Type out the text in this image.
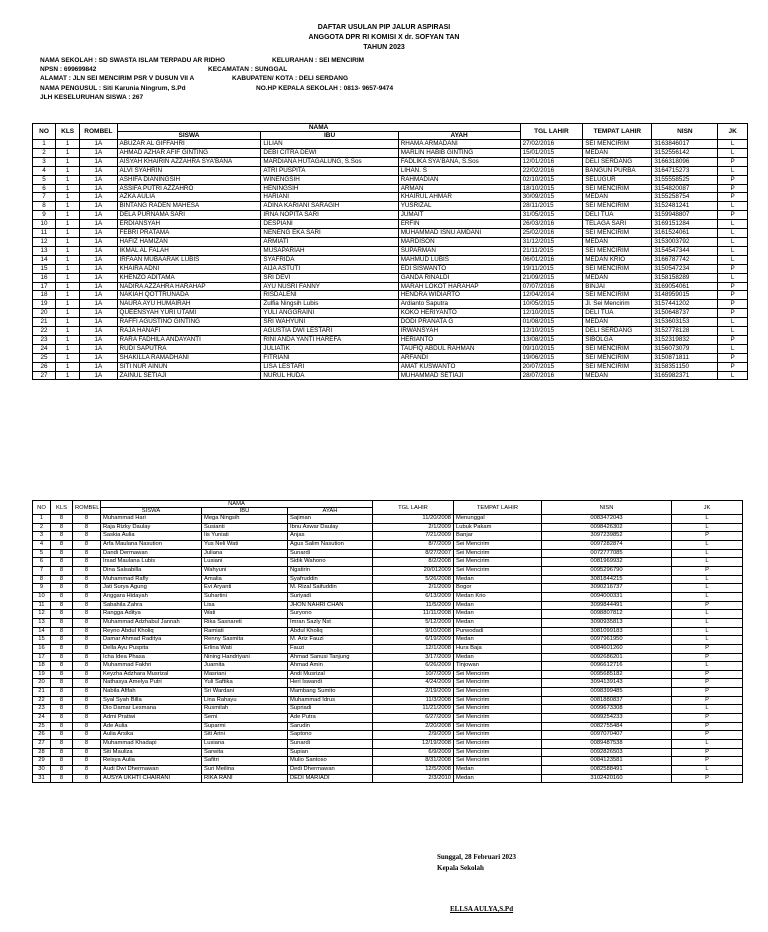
DAFTAR USULAN PIP JALUR ASPIRASI
ANGGOTA DPR RI KOMISI X dr. SOFYAN TAN
TAHUN 2023
NAMA SEKOLAH : SD SWASTA ISLAM TERPADU AR RIDHO	KELURAHAN : SEI MENCIRIM
NPSN : 699699842	KECAMATAN : SUNGGAL
ALAMAT : JLN SEI MENCIRIM PSR V DUSUN VII A	KABUPATEN/ KOTA : DELI SERDANG
NAMA PENGUSUL : Siti Karunia Ningrum, S.Pd	NO.HP KEPALA SEKOLAH : 0813- 9657-9474
JLH KESELURUHAN SISWA : 267
NO	KLS	ROMBEL	NAMA			TGL LAHIR	TEMPAT LAHIR	NISN	JK
			SISWA	IBU	AYAH				
1	1	1A	ABUZAR AL GIFFAHRI	LILIAN	RHAMA ARMADANI	27/02/2016	SEI MENCIRIM	3163846017	L
2	1	1A	AHMAD AZHAR AFIF GINTING	DEBI CITRA DEWI	MARLIN HABIB GINTING	15/01/2015	MEDAN	3152556142	L
3	1	1A	AISYAH KHAIRIN AZZAHRA SYA'BANA	MARDIANA HUTAGALUNG, S.Sos	FADLIKA SYA'BANA, S.Sos	12/01/2016	DELI SERDANG	3166318096	P
4	1	1A	ALVI SYAHRIN	ATRI PUSPITA	LIHAN. S	22/02/2016	BANGUN PURBA	3164715273	L
5	1	1A	ASHIFA DIANINGSIH	WINENGSIH	RAHMADIAN	02/10/2015	SELUGUR	3155558525	P
6	1	1A	ASSIFA PUTRI AZZAHRO	HENINGSIH	ARMAN	18/10/2015	SEI MENCIRIM	3154820087	P
7	1	1A	AZKA AULIA	HARIANI	KHAIRUL AHMAR	30/09/2015	MEDAN	3155258754	P
8	1	1A	BINTANG RADEN MAHESA	ADINA KARIANI SARAGIH	YUSRIZAL	28/11/2015	SEI MENCIRIM	3152481241	L
9	1	1A	DELA PURNAMA SARI	IRNA NOPITA SARI	JUMAIT	31/05/2015	DELI TUA	3159948807	P
10	1	1A	ERDIANSYAH	DESPIANI	ERFIN	26/03/2016	TELAGA SARI	3169151284	L
11	1	1A	FEBRI PRATAMA	NENENG EKA SARI	MUHAMMAD ISNU AMDANI	25/02/2016	SEI MENCIRIM	3161524061	L
12	1	1A	HAFIZ HAMIZAN	ARMIATI	MARDISON	31/12/2015	MEDAN	3153003792	L
13	1	1A	IKMAL AL FALAH	MUSAPARIAH	SUPARMAN	21/11/2015	SEI MENCIRIM	3154547344	L
14	1	1A	IRFAAN MUBAARAK LUBIS	SYAFRIDA	MAHMUD LUBIS	06/01/2016	MEDAN KRIO	3166787742	L
15	1	1A	KHAIRA ADNI	AIJA ASTUTI	EDI SISWANTO	19/11/2015	SEI MENCIRIM	3150547234	P
16	1	1A	KHENZO ADITAMA	SRI DEVI	GANDA RINALDI	21/09/2015	MEDAN	3158158289	L
17	1	1A	NADIRA AZZAHRA HARAHAP	AYU NUSRI FANNY	MARAH LOKOT HARAHAP	07/07/2016	BINJAI	3169054061	P
18	1	1A	NAKIAH QOTTRUNADA	RISDALENI	HENDRA WIDIARTO	12/04/2014	SEI MENCIRIM	3148959015	P
19	1	1A	NAURA AYU HUMAIRAH	Zulfia Ningsih Lubis	Ardianto Saputra	10/05/2015	Jl. Sei Mencirim	3157441202	P
20	1	1A	QUEENSYAH YURI UTAMI	YULI ANGGRAINI	KOKO HERIYANTO	12/10/2015	DELI TUA	3150648737	P
21	1	1A	RAFFI AGUSTINO GINTING	SRI WAHYUNI	DODI PRANATA G	01/08/2015	MEDAN	3153603153	L
22	1	1A	RAJA HANAFI	AGUSTIA DWI LESTARI	IRWANSYAH	12/10/2015	DELI SERDANG	3152778128	L
23	1	1A	RARA FADHILA ANDAYANTI	RINI ANDA YANTI HAREFA	HERIANTO	13/08/2015	SIBOLGA	3152319832	P
24	1	1A	RUDI SAPUTRA	JULIATIK	TAUFIQ ABDUL RAHMAN	09/10/2015	SEI MENCIRIM	3156073079	L
25	1	1A	SHAKILLA RAMADHANI	FITRIANI	ARFANDI	19/06/2015	SEI MENCIRIM	3150871811	P
26	1	1A	SITI NUR AINUN	LISA LESTARI	AMAT KUSWANTO	20/07/2015	SEI MENCIRIM	3158351150	P
27	1	1A	ZAINUL SETIAJI	NURUL HUDA	MUHAMMAD SETIAJI	28/07/2016	MEDAN	3165982371	L
NO	KLS	ROMBEL	NAMA			TGL LAHIR	TEMPAT LAHIR	NISN	JK
			SISWA	IBU	AYAH				
1	8	8	Muhammad Hari	Mega Ningsih	Sajiman	11/20/2008	Menunggal	0083472043	L
2	8	8	Raja Rizky Daulay	Susianti	Ibnu Aswar Daulay	2/1/2009	Lubuk Pakam	0098426302	L
3	8	8	Saskia Aulia	Iis Yuniati	Anjas	7/21/2009	Banjar	3097239852	P
4	8	8	Arfa Maulana Nasution	Yus Neli Wati	Agus Salim Nasution	8/7/2009	Sei Mencirim	0097282874	L
5	8	8	Dandi Dermawan	Juliana	Sunardi	8/27/2007	Sei Mencirim	0072777085	L
6	8	8	Irsad Maulana Lubis	Lusiani	Sidik Wahono	8/2/2008	Sei Mencirim	0081969932	L
7	8	8	Dina Salsabilla	Wahyuni	Ngatirin	20/012009	Sei Mencirim	0095296790	P
8	8	8	Muhammad Rafly	Amalia	Syafruddin	5/26/2008	Medan	3081844215	L
9	8	8	Jati Surya Agung	Evi Aryanti	M. Rizal Saifuddin	2/1/2009	Bogor	3090216737	L
10	8	8	Anggara Hidayah	Suhartini	Suriyadi	6/13/2009	Medan Krio	0094000331	L
11	8	8	Sabahila Zahra	Lisa	JHON NAHRI CHAN	11/5/2009	Medan	3099844491	P
12	8	8	Rangga Aditya	Wati	Suryono	11/11/2008	Medan	0098807812	L
13	8	8	Muhammad Adzhabul Jannah	Rika Sasnareti	Imran Sazly Nst	5/12/2009	Medan	3090935813	L
14	8	8	Reyno Abdul Kholiq	Ramiati	Abdul Kholiq	9/10/2008	Purwodadi	3081099183	L
15	8	8	Damar Ahmad Raditya	Renny Sasmita	M. Ariz Fauzi	6/19/2009	Medan	0097961950	L
16	8	8	Della Ayu Puspita	Erlina Wati	Fauzi	12/1/2008	Hura Baja	0084601260	P
17	8	8	Icha Idea Phasa	Nining Handriyani	Ahmad Sanusi Tanjung	3/17/2009	Medan	0092686201	P
18	8	8	Muhammad Fakhri	Juarnita	Ahmad Amin	6/26/2009	Tinjowan	0096612716	L
19	8	8	Keyzha Adzhara Musrizal	Masriani	Andi Musrizal	10/7/2009	Sei Mencirim	0095685182	P
20	8	8	Nathasya Amelya Putri	Yuli Saftika	Heri Iswandi	4/24/2009	Sei Mencirim	3094139143	P
21	8	8	Nabila Afifah	Sri Wardani	Mambang Sumito	2/19/2009	Sei Mencirim	0098399485	P
22	8	8	Syal Syah Billa	Lina Rahayu	Muhammad Idrus	11/3/2008	Sei Mencirim	0081880837	P
23	8	8	Dio Damar Lesmana	Rusmilah	Supriadi	11/21/2009	Sei Mencirim	0099673308	L
24	8	8	Admi Pratiwi	Semi	Ade Putra	6/27/2009	Sei Mencirim	0099254233	P
25	8	8	Ade Aulia	Suparmi	Sarudin	2/20/2008	Sei Mencirim	0082755484	P
26	8	8	Aulia Arsika	Siti Arini	Saptono	2/9/2009	Sei Mencirim	0097070407	P
27	8	8	Muhammad Khadapi	Lusiana	Sunardi	12/19/2008	Sei Mencirim	0089487538	L
28	8	8	Siti Mauliza	Sarwita	Supian	6/9/2009	Sei Mencirim	0092826503	P
29	8	8	Reisya Aulia	Safitri	Mulio Santoso	8/31/2008	Sei Mencirim	0084123581	P
30	8	8	Audi Dwi Dhermawan	Suri Meilina	Dedi Dhermawan	12/5/2008	Medan	0082588491	L
31	8	8	AUSYA UKHTI CHAIRANI	RIKA RANI	DEDI MARIADI	2/3/2010	Medan	3102420160	P
Sunggal, 28 Februari 2023
Kepala Sekolah
ELLSA AULYA,S.Pd
